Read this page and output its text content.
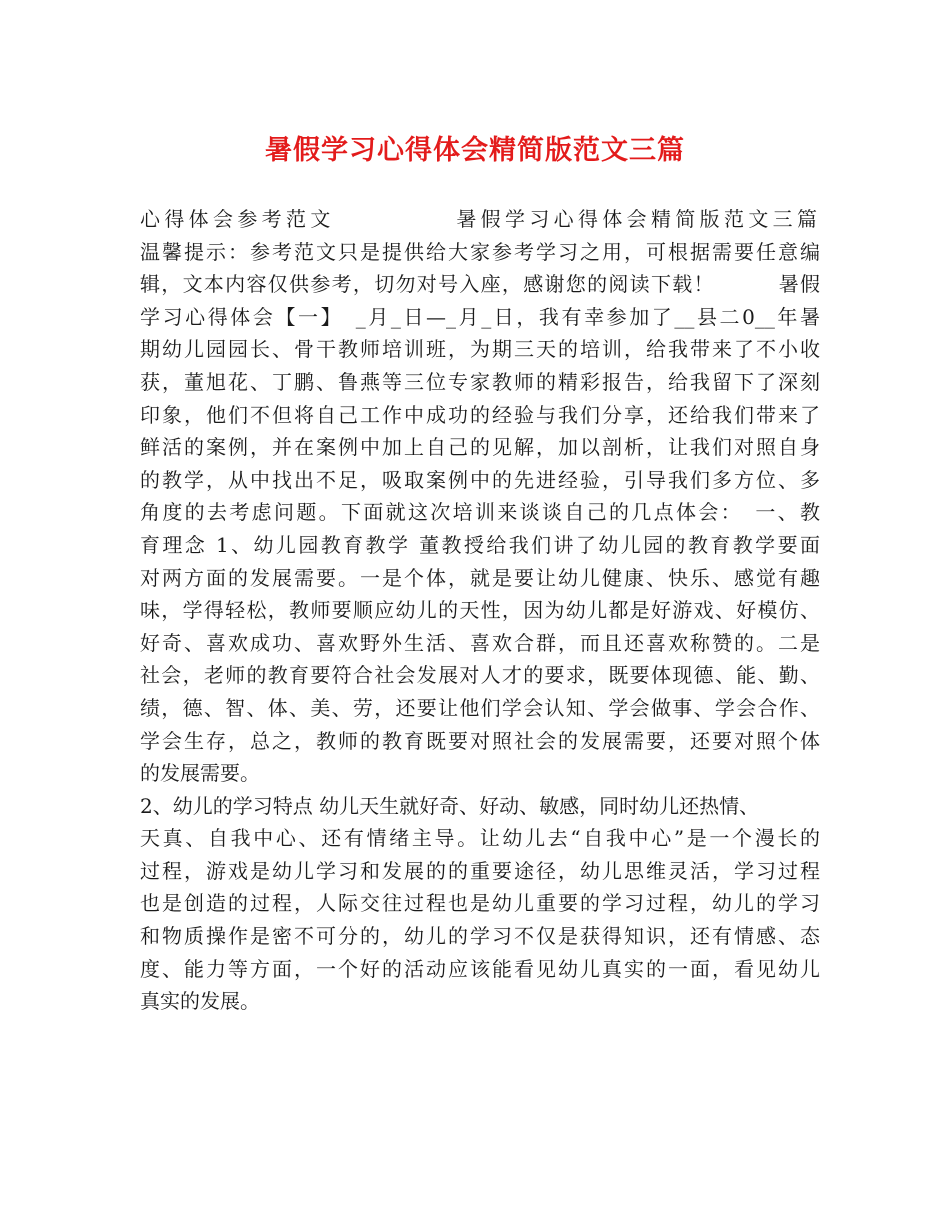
暑假学习心得体会精简版范文三篇
心得体会参考范文　　　　　暑假学习心得体会精简版范文三篇
温馨提示：参考范文只是提供给大家参考学习之用，可根据需要任意编
辑，文本内容仅供参考，切勿对号入座，感谢您的阅读下载！　　　暑假
学习心得体会【一】　_月_日—_月_日，我有幸参加了__县二0__年暑
期幼儿园园长、骨干教师培训班，为期三天的培训，给我带来了不小收
获，董旭花、丁鹏、鲁燕等三位专家教师的精彩报告，给我留下了深刻
印象，他们不但将自己工作中成功的经验与我们分享，还给我们带来了
鲜活的案例，并在案例中加上自己的见解，加以剖析，让我们对照自身
的教学，从中找出不足，吸取案例中的先进经验，引导我们多方位、多
角度的去考虑问题。下面就这次培训来谈谈自己的几点体会：　一、教
育理念 1、幼儿园教育教学 董教授给我们讲了幼儿园的教育教学要面
对两方面的发展需要。一是个体，就是要让幼儿健康、快乐、感觉有趣
味，学得轻松，教师要顺应幼儿的天性，因为幼儿都是好游戏、好模仿、
好奇、喜欢成功、喜欢野外生活、喜欢合群，而且还喜欢称赞的。二是
社会，老师的教育要符合社会发展对人才的要求，既要体现德、能、勤、
绩，德、智、体、美、劳，还要让他们学会认知、学会做事、学会合作、
学会生存，总之，教师的教育既要对照社会的发展需要，还要对照个体
的发展需要。
2、幼儿的学习特点 幼儿天生就好奇、好动、敏感，同时幼儿还热情、
天真、自我中心、还有情绪主导。让幼儿去“自我中心”是一个漫长的
过程，游戏是幼儿学习和发展的的重要途径，幼儿思维灵活，学习过程
也是创造的过程，人际交往过程也是幼儿重要的学习过程，幼儿的学习
和物质操作是密不可分的，幼儿的学习不仅是获得知识，还有情感、态
度、能力等方面，一个好的活动应该能看见幼儿真实的一面，看见幼儿
真实的发展。
